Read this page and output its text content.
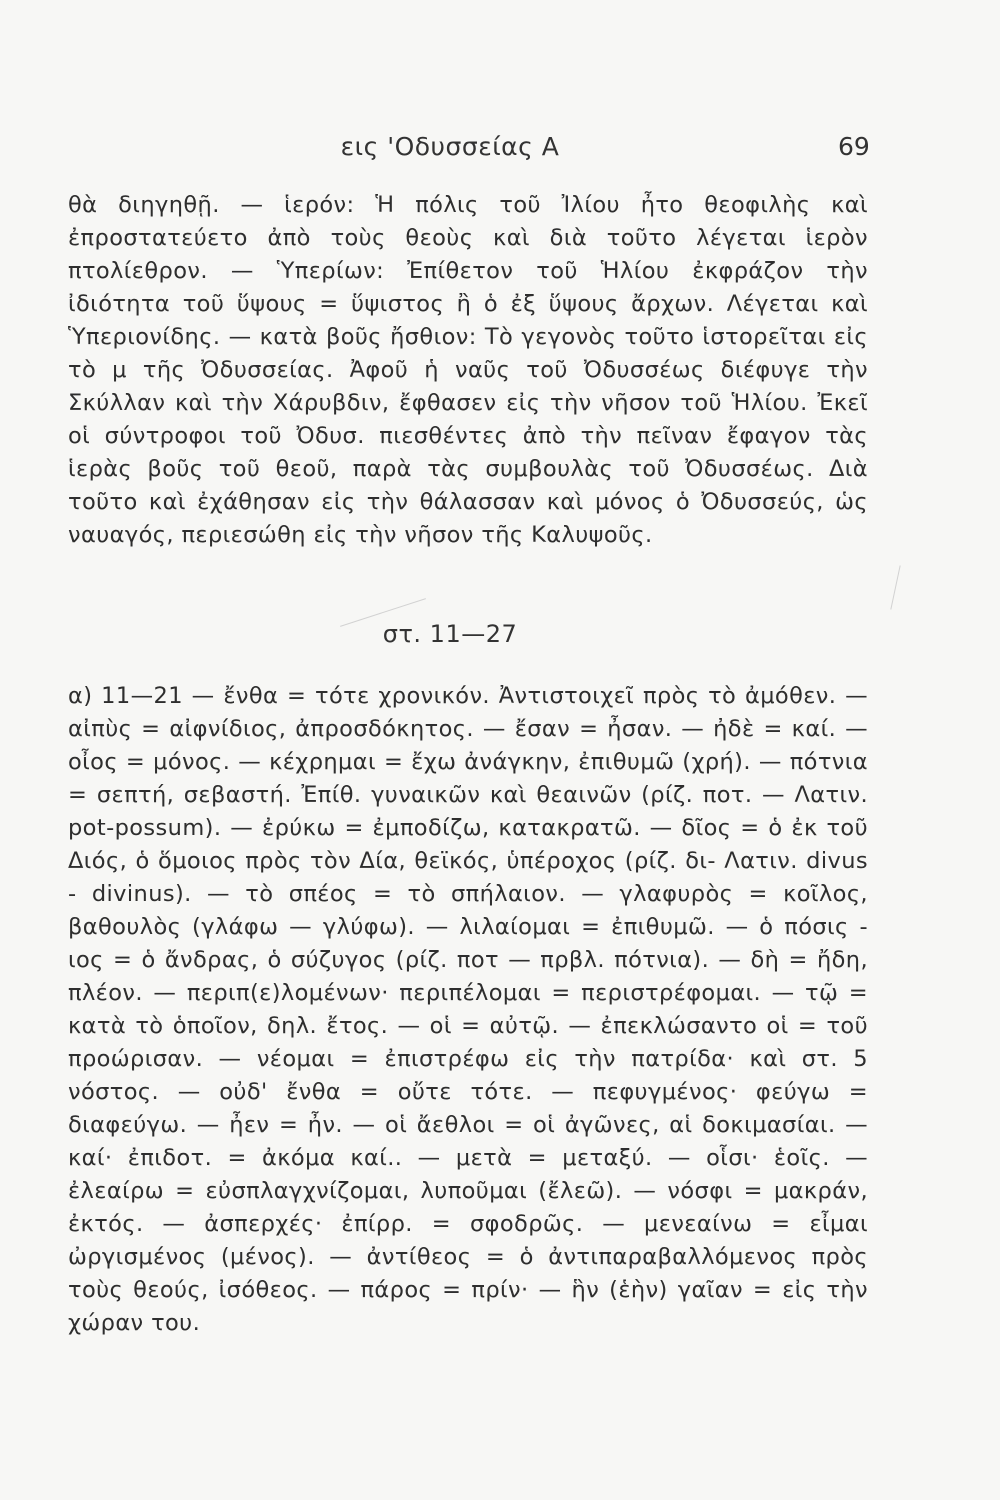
εις 'Οδυσσείας Α	69

θὰ διηγηθῇ. — ἱερόν: Ἡ πόλις τοῦ Ἰλίου ἦτο θεοφιλὴς καὶ ἐπροστατεύετο ἀπὸ τοὺς θεοὺς καὶ διὰ τοῦτο λέγεται ἱερὸν πτολίεθρον. — Ὑπερίων: Ἐπίθετον τοῦ Ἡλίου ἐκφράζον τὴν ἰδιότητα τοῦ ὕψους = ὕψιστος ἢ ὁ ἐξ ὕψους ἄρχων. Λέγεται καὶ Ὑπεριονίδης. — κατὰ βοῦς ἤσθιον: Τὸ γεγονὸς τοῦτο ἱστορεῖται εἰς τὸ μ τῆς Ὀδυσσείας. Ἀφοῦ ἡ ναῦς τοῦ Ὀδυσσέως διέφυγε τὴν Σκύλλαν καὶ τὴν Χάρυβδιν, ἔφθασεν εἰς τὴν νῆσον τοῦ Ἡλίου. Ἐκεῖ οἱ σύντροφοι τοῦ Ὀδυσ. πιεσθέντες ἀπὸ τὴν πεῖναν ἔφαγον τὰς ἱερὰς βοῦς τοῦ θεοῦ, παρὰ τὰς συμβουλὰς τοῦ Ὀδυσσέως. Διὰ τοῦτο καὶ ἐχάθησαν εἰς τὴν θάλασσαν καὶ μόνος ὁ Ὀδυσσεύς, ὡς ναυαγός, περιεσώθη εἰς τὴν νῆσον τῆς Καλυψοῦς.

στ. 11—27

α) 11—21 — ἔνθα = τότε χρονικόν. Ἀντιστοιχεῖ πρὸς τὸ ἀμόθεν. — αἰπὺς = αἰφνίδιος, ἀπροσδόκητος. — ἔσαν = ἦσαν. — ἠδὲ = καί. — οἶος = μόνος. — κέχρημαι = ἔχω ἀνάγκην, ἐπιθυμῶ (χρή). — πότνια = σεπτή, σεβαστή. Ἐπίθ. γυναικῶν καὶ θεαινῶν (ρίζ. ποτ. — Λατιν. pot-possum). — ἐρύκω = ἐμποδίζω, κατακρατῶ. — δῖος = ὁ ἐκ τοῦ Διός, ὁ ὅμοιος πρὸς τὸν Δία, θεϊκός, ὑπέροχος (ρίζ. δι- Λατιν. divus - divinus). — τὸ σπέος = τὸ σπήλαιον. — γλαφυρὸς = κοῖλος, βαθουλὸς (γλάφω — γλύφω). — λιλαίομαι = ἐπιθυμῶ. — ὁ πόσις - ιος = ὁ ἄνδρας, ὁ σύζυγος (ρίζ. ποτ — πρβλ. πότνια). — δὴ = ἤδη, πλέον. — περιπ(ε)λομένων· περιπέλομαι = περιστρέφομαι. — τῷ = κατὰ τὸ ὁποῖον, δηλ. ἔτος. — οἱ = αὐτῷ. — ἐπεκλώσαντο οἱ = τοῦ προώρισαν. — νέομαι = ἐπιστρέφω εἰς τὴν πατρίδα· καὶ στ. 5 νόστος. — οὐδ' ἔνθα = οὔτε τότε. — πεφυγμένος· φεύγω = διαφεύγω. — ἦεν = ἦν. — οἱ ἄεθλοι = οἱ ἀγῶνες, αἱ δοκιμασίαι. — καί· ἐπιδοτ. = ἀκόμα καί.. — μετὰ = μεταξύ. — οἷσι· ἑοῖς. — ἐλεαίρω = εὐσπλαγχνίζομαι, λυποῦμαι (ἔλεῶ). — νόσφι = μακράν, ἐκτός. — ἀσπερχές· ἐπίρρ. = σφοδρῶς. — μενεαίνω = εἶμαι ὠργισμένος (μένος). — ἀντίθεος = ὁ ἀντιπαραβαλλόμενος πρὸς τοὺς θεούς, ἰσόθεος. — πάρος = πρίν· — ἣν (ἑὴν) γαῖαν = εἰς τὴν χώραν του.
